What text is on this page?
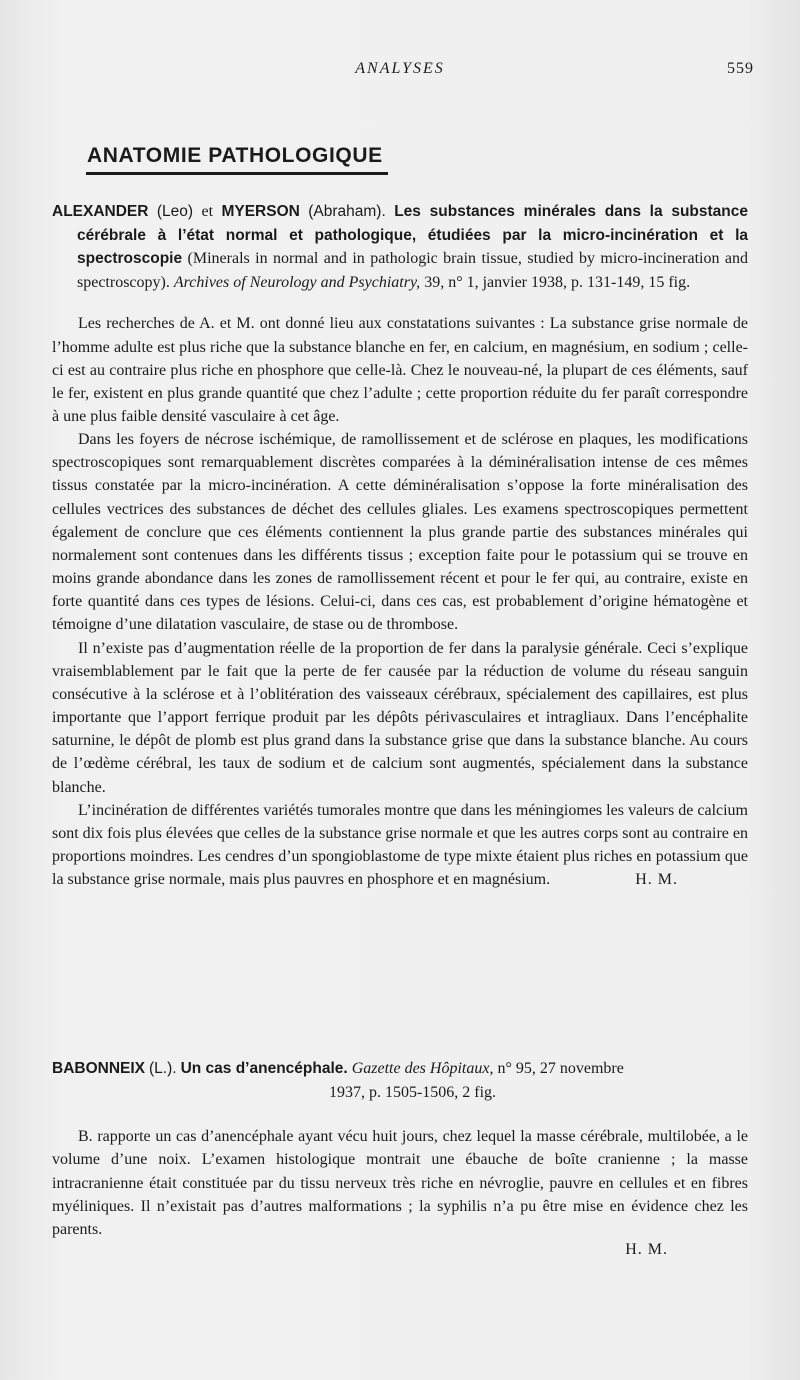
ANALYSES	559
ANATOMIE PATHOLOGIQUE

ALEXANDER (Leo) et MYERSON (Abraham). Les substances minérales dans la substance cérébrale à l’état normal et pathologique, étudiées par la micro-incinération et la spectroscopie (Minerals in normal and in pathologic brain tissue, studied by micro-incineration and spectroscopy). Archives of Neurology and Psychiatry, 39, n° 1, janvier 1938, p. 131-149, 15 fig.

Les recherches de A. et M. ont donné lieu aux constatations suivantes : La substance grise normale de l’homme adulte est plus riche que la substance blanche en fer, en calcium, en magnésium, en sodium ; celle-ci est au contraire plus riche en phosphore que celle-là. Chez le nouveau-né, la plupart de ces éléments, sauf le fer, existent en plus grande quantité que chez l’adulte ; cette proportion réduite du fer paraît correspondre à une plus faible densité vasculaire à cet âge.

Dans les foyers de nécrose ischémique, de ramollissement et de sclérose en plaques, les modifications spectroscopiques sont remarquablement discrètes comparées à la déminéralisation intense de ces mêmes tissus constatée par la micro-incinération. A cette déminéralisation s’oppose la forte minéralisation des cellules vectrices des substances de déchet des cellules gliales. Les examens spectroscopiques permettent également de conclure que ces éléments contiennent la plus grande partie des substances minérales qui normalement sont contenues dans les différents tissus ; exception faite pour le potassium qui se trouve en moins grande abondance dans les zones de ramollissement récent et pour le fer qui, au contraire, existe en forte quantité dans ces types de lésions. Celui-ci, dans ces cas, est probablement d’origine hématogène et témoigne d’une dilatation vasculaire, de stase ou de thrombose.

Il n’existe pas d’augmentation réelle de la proportion de fer dans la paralysie générale. Ceci s’explique vraisemblablement par le fait que la perte de fer causée par la réduction de volume du réseau sanguin consécutive à la sclérose et à l’oblitération des vaisseaux cérébraux, spécialement des capillaires, est plus importante que l’apport ferrique produit par les dépôts périvasculaires et intragliaux. Dans l’encéphalite saturnine, le dépôt de plomb est plus grand dans la substance grise que dans la substance blanche. Au cours de l’œdème cérébral, les taux de sodium et de calcium sont augmentés, spécialement dans la substance blanche.

L’incinération de différentes variétés tumorales montre que dans les méningiomes les valeurs de calcium sont dix fois plus élevées que celles de la substance grise normale et que les autres corps sont au contraire en proportions moindres. Les cendres d’un spongioblastome de type mixte étaient plus riches en potassium que la substance grise normale, mais plus pauvres en phosphore et en magnésium.	H. M.

BABONNEIX (L.). Un cas d’anencéphale. Gazette des Hôpitaux, n° 95, 27 novembre
1937, p. 1505-1506, 2 fig.

B. rapporte un cas d’anencéphale ayant vécu huit jours, chez lequel la masse cérébrale, multilobée, a le volume d’une noix. L’examen histologique montrait une ébauche de boîte cranienne ; la masse intracranienne était constituée par du tissu nerveux très riche en névroglie, pauvre en cellules et en fibres myéliniques. Il n’existait pas d’autres malformations ; la syphilis n’a pu être mise en évidence chez les parents.

H. M.
